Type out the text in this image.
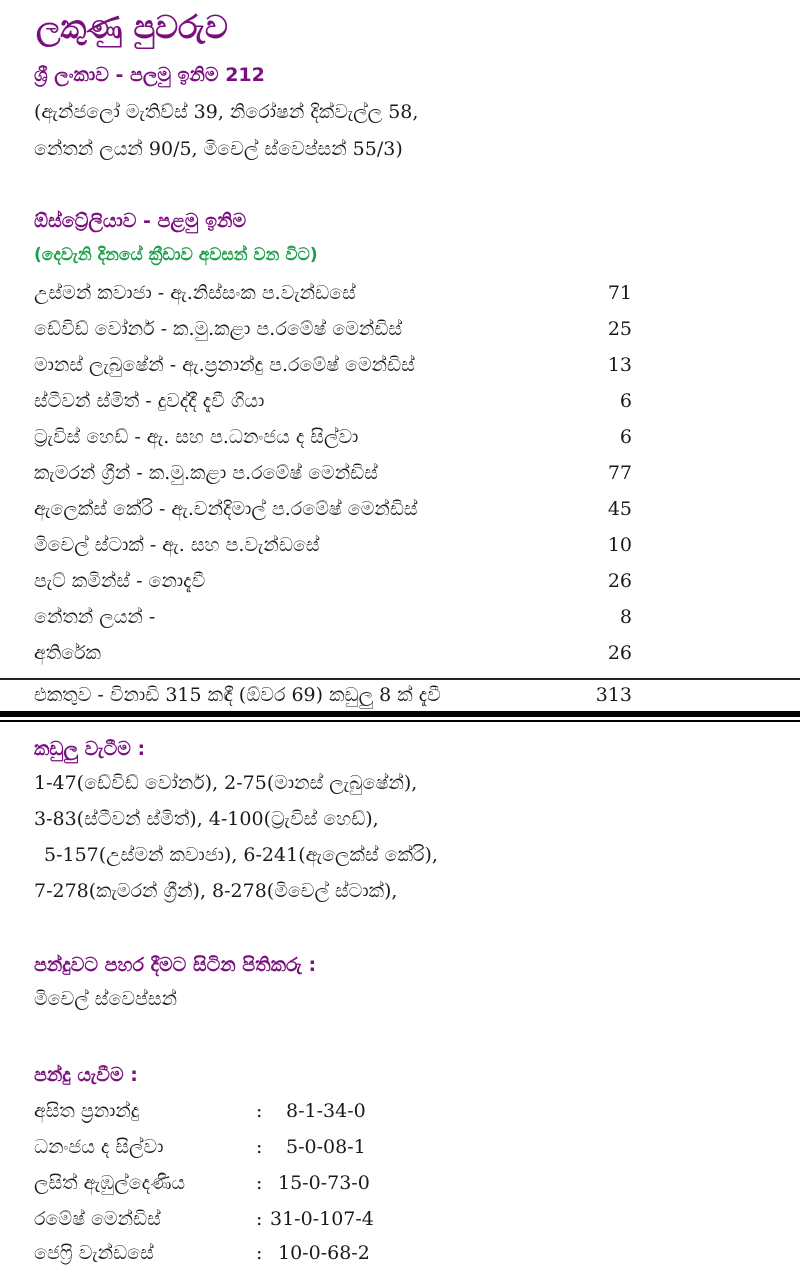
ලකුණු පුවරුව
ශ්‍රී ලංකාව - පලමු ඉනිම 212
(ඇන්ජලෝ මැතිව්ස් 39, නිරෝෂන් දික්වැල්ල 58,
නේතන් ලයන් 90/5, මිචෙල් ස්වෙප්සන් 55/3)
ඕස්ට්‍රේලියාව - පළමු ඉනිම
(දෙවැනි දිනයේ ක්‍රීඩාව අවසන් වන විට)
උස්මන් කවාජා - ඇ.නිස්සංක ප.වැන්ඩසේ	71
ඩේවිඩ් වෝනර් - ක.මු.කළා ප.රමේෂ් මෙන්ඩිස්	25
මානස් ලැබුෂේන් - ඇ.ප්‍රනාන්දු ප.රමේෂ් මෙන්ඩිස්	13
ස්ටීවන් ස්මිත් - දුවද්දී දැවී ගියා	6
ට්‍රැවිස් හෙඩ් - ඇ. සහ ප.ධනංජය ද සිල්වා	6
කැමරන් ග්‍රීන් - ක.මු.කළා ප.රමේෂ් මෙන්ඩිස්	77
ඇලෙක්ස් කේරි - ඇ.චන්දිමාල් ප.රමේෂ් මෙන්ඩිස්	45
මිචෙල් ස්ටාක් - ඇ. සහ ප.වැන්ඩසේ	10
පැට් කමින්ස් - නොදැවී	26
නේතන් ලයන් -	8
අතිරේක	26
එකතුව - විනාඩි 315 කඳී (ඕවර 69) කඩුලු 8 ක් දැවී	313
කඩුලු වැටීම :
1-47(ඩේවිඩ් වෝනර්), 2-75(මානස් ලැබුෂේන්),
3-83(ස්ටීවන් ස්මිත්), 4-100(ට්‍රැවිස් හෙඩ්),
5-157(උස්මන් කවාජා), 6-241(ඇලෙක්ස් කේරි),
7-278(කැමරන් ග්‍රීන්), 8-278(මිචෙල් ස්ටාක්),
පන්දුවට පහර දීමට සිටින පිතිකරු :
මිචෙල් ස්වෙප්සන්
පන්දු යැවීම :
අසිත ප්‍රනාන්දු	: 8-1-34-0
ධනංජය ද සිල්වා	: 5-0-08-1
ලසිත් ඇඹුල්දෙණිය	: 15-0-73-0
රමේෂ් මෙන්ඩිස්	: 31-0-107-4
ජෙෆ්‍රි වැන්ඩසේ	: 10-0-68-2
